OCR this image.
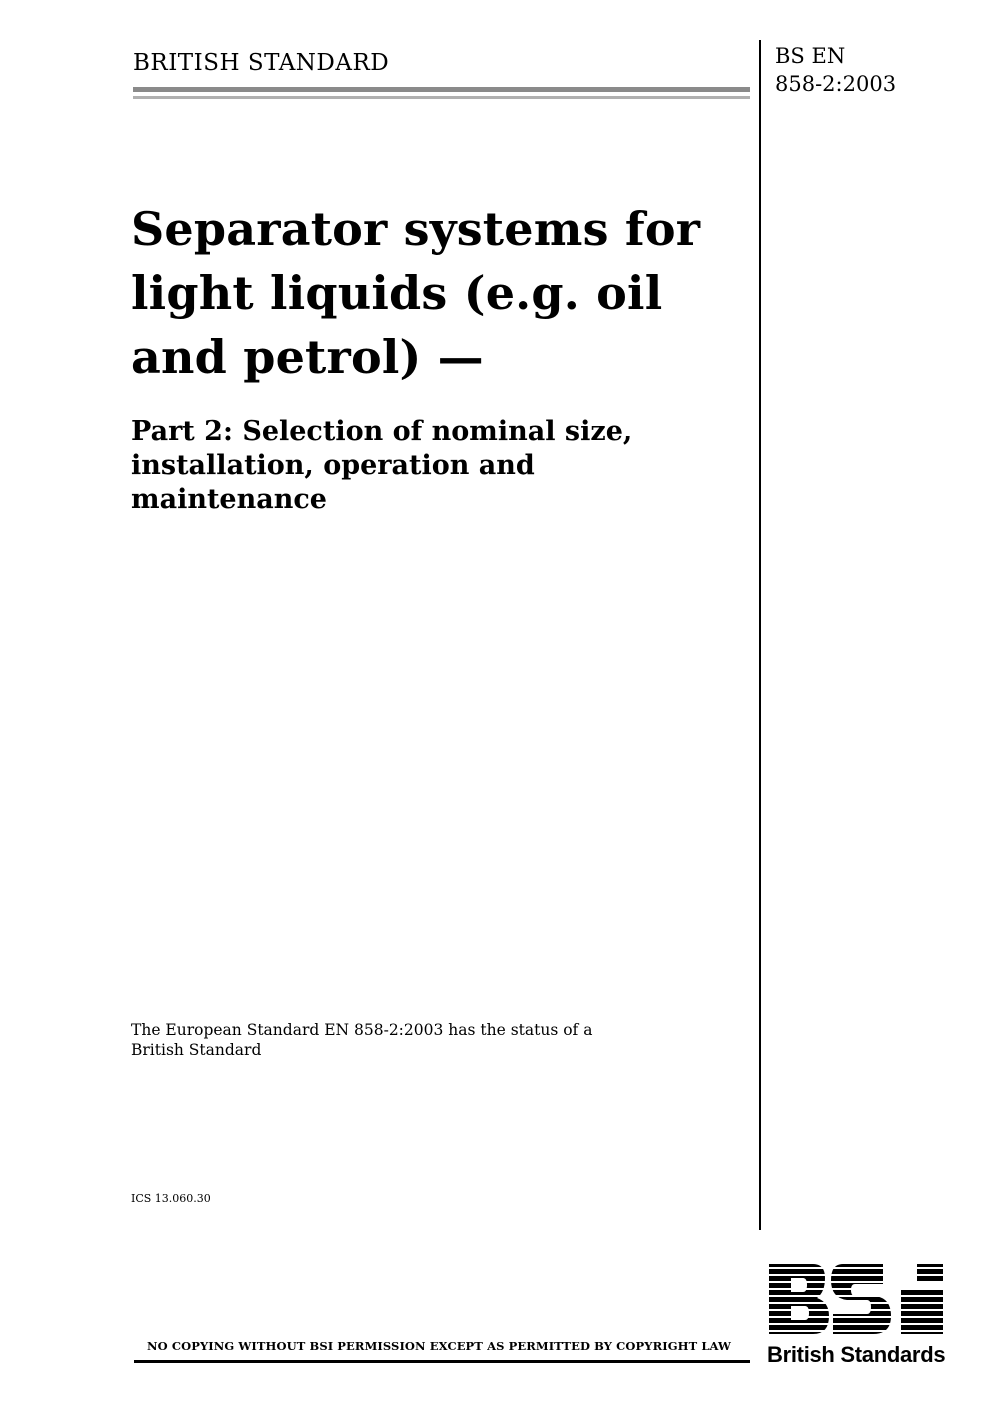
BRITISH STANDARD	BS EN
858-2:2003
Separator systems for light liquids (e.g. oil and petrol) —
Part 2: Selection of nominal size, installation, operation and maintenance

The European Standard EN 858-2:2003 has the status of a British Standard

ICS 13.060.30
NO COPYING WITHOUT BSI PERMISSION EXCEPT AS PERMITTED BY COPYRIGHT LAW British Standards
